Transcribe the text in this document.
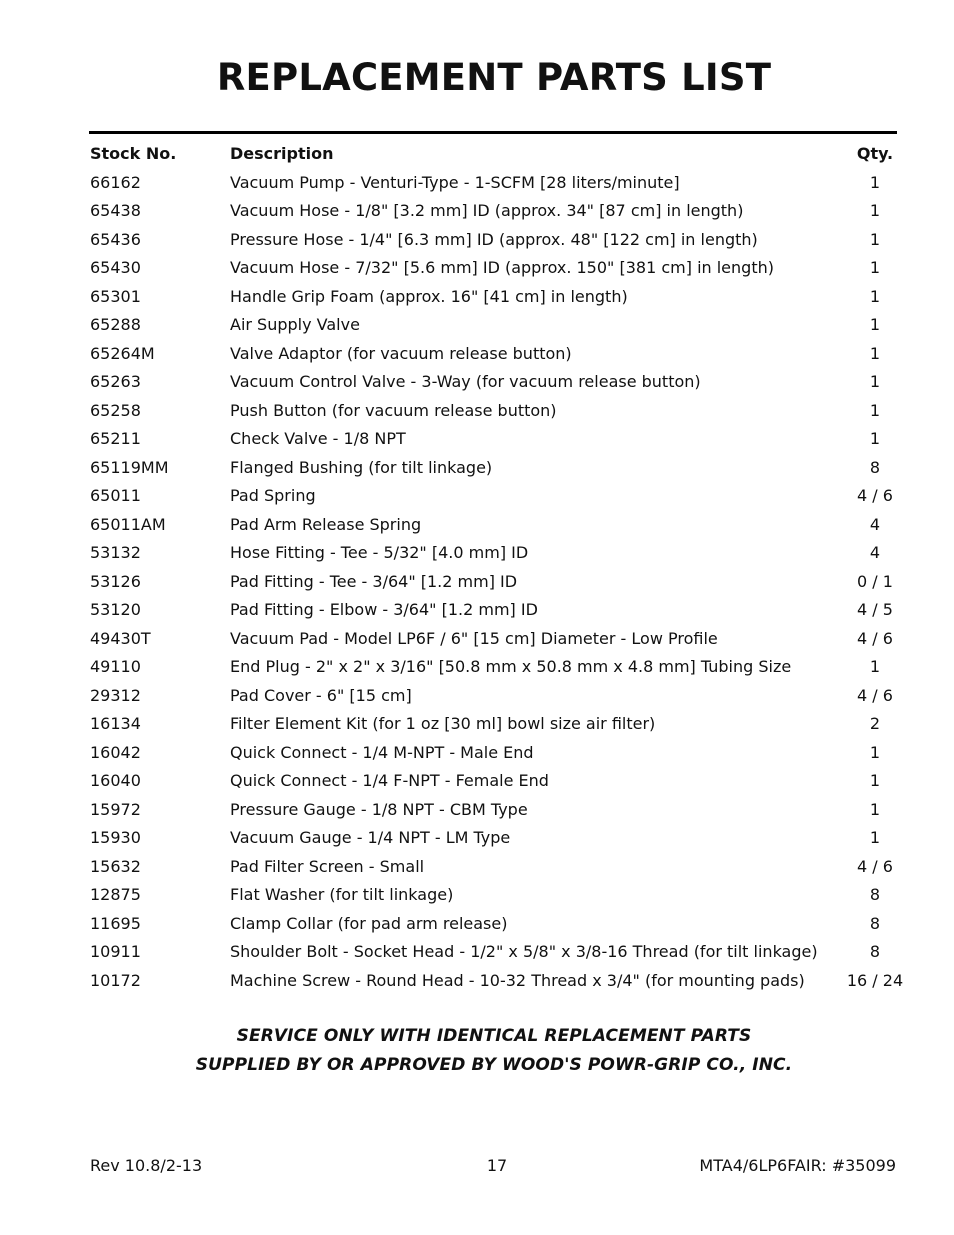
REPLACEMENT PARTS LIST
Stock No.	Description	Qty.
66162	Vacuum Pump - Venturi-Type - 1-SCFM [28 liters/minute]	1
65438	Vacuum Hose - 1/8" [3.2 mm] ID (approx. 34" [87 cm] in length)	1
65436	Pressure Hose - 1/4" [6.3 mm] ID (approx. 48" [122 cm] in length)	1
65430	Vacuum Hose - 7/32" [5.6 mm] ID (approx. 150" [381 cm] in length)	1
65301	Handle Grip Foam (approx. 16" [41 cm] in length)	1
65288	Air Supply Valve	1
65264M	Valve Adaptor (for vacuum release button)	1
65263	Vacuum Control Valve - 3-Way (for vacuum release button)	1
65258	Push Button (for vacuum release button)	1
65211	Check Valve - 1/8 NPT	1
65119MM	Flanged Bushing (for tilt linkage)	8
65011	Pad Spring	4 / 6
65011AM	Pad Arm Release Spring	4
53132	Hose Fitting - Tee - 5/32" [4.0 mm] ID	4
53126	Pad Fitting - Tee - 3/64" [1.2 mm] ID	0 / 1
53120	Pad Fitting - Elbow - 3/64" [1.2 mm] ID	4 / 5
49430T	Vacuum Pad - Model LP6F / 6" [15 cm] Diameter - Low Profile	4 / 6
49110	End Plug - 2" x 2" x 3/16" [50.8 mm x 50.8 mm x 4.8 mm] Tubing Size	1
29312	Pad Cover - 6" [15 cm]	4 / 6
16134	Filter Element Kit (for 1 oz [30 ml] bowl size air filter)	2
16042	Quick Connect - 1/4 M-NPT - Male End	1
16040	Quick Connect - 1/4 F-NPT - Female End	1
15972	Pressure Gauge - 1/8 NPT - CBM Type	1
15930	Vacuum Gauge - 1/4 NPT - LM Type	1
15632	Pad Filter Screen - Small	4 / 6
12875	Flat Washer (for tilt linkage)	8
11695	Clamp Collar (for pad arm release)	8
10911	Shoulder Bolt - Socket Head - 1/2" x 5/8" x 3/8-16 Thread (for tilt linkage)	8
10172	Machine Screw - Round Head - 10-32 Thread x 3/4" (for mounting pads)	16 / 24
SERVICE ONLY WITH IDENTICAL REPLACEMENT PARTS
SUPPLIED BY OR APPROVED BY WOOD'S POWR-GRIP CO., INC.
Rev 10.8/2-13	17	MTA4/6LP6FAIR: #35099
